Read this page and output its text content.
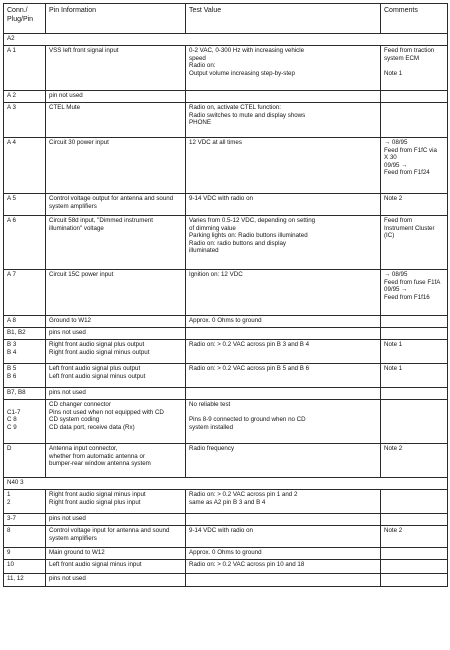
Conn./
Plug/Pin	Pin Information	Test Value	Comments
A2			

A 1	VSS left front signal input	0-2 VAC, 0-300 Hz with increasing vehicle
speed
Radio on:
Output volume increasing step-by-step	Feed from traction
system ECM

Note 1

A 2	pin not used		

A 3	CTEL Mute	Radio on, activate CTEL function:
Radio switches to mute and display shows
PHONE	

A 4	Circuit 30 power input	12 VDC at all times	→ 08/95
Feed from F1fC via
X 30
09/95 →
Feed from F1f24

A 5	Control voltage output for antenna and sound
system amplifiers	9-14 VDC with radio on	Note 2

A 6	Circuit 58d input, "Dimmed instrument
illumination" voltage	Varies from 0.5-12 VDC, depending on setting
of dimming value
Parking lights on: Radio buttons illuminated
Radio on: radio buttons and display
illuminated	Feed from
Instrument Cluster
(IC)

A 7	Circuit 15C power input	Ignition on: 12 VDC	→ 08/95
Feed from fuse F1fA
09/95 →
Feed from F1f16

A 8	Ground to W12	Approx. 0 Ohms to ground	

B1, B2	pins not used		

B 3
B 4	Right front audio signal plus output
Right front audio signal minus output	Radio on: > 0.2 VAC across pin B 3 and B 4	Note 1

B 5
B 6	Left front audio signal plus output
Left front audio signal minus output	Radio on: > 0.2 VAC across pin B 5 and B 6	Note 1

B7, B8	pins not used		

C1-7
C 8
C 9	CD changer connector
Pins not used when not equipped with CD
CD system coding
CD data port, receive data (Rx)	No reliable test

Pins 8-9 connected to ground when no CD
system installed	

D	Antenna input connector,
whether from automatic antenna or
bumper-rear window antenna system	Radio frequency	Note 2

N40 3			

1
2	Right front audio signal minus input
Right front audio signal plus input	Radio on: > 0.2 VAC across pin 1 and 2
same as A2 pin B 3 and B 4	

3-7	pins not used		

8	Control voltage input for antenna and sound
system amplifiers	9-14 VDC with radio on	Note 2

9	Main ground to W12	Approx. 0 Ohms to ground	

10	Left front audio signal minus input	Radio on: > 0.2 VAC across pin 10 and 18	

11, 12	pins not used		
